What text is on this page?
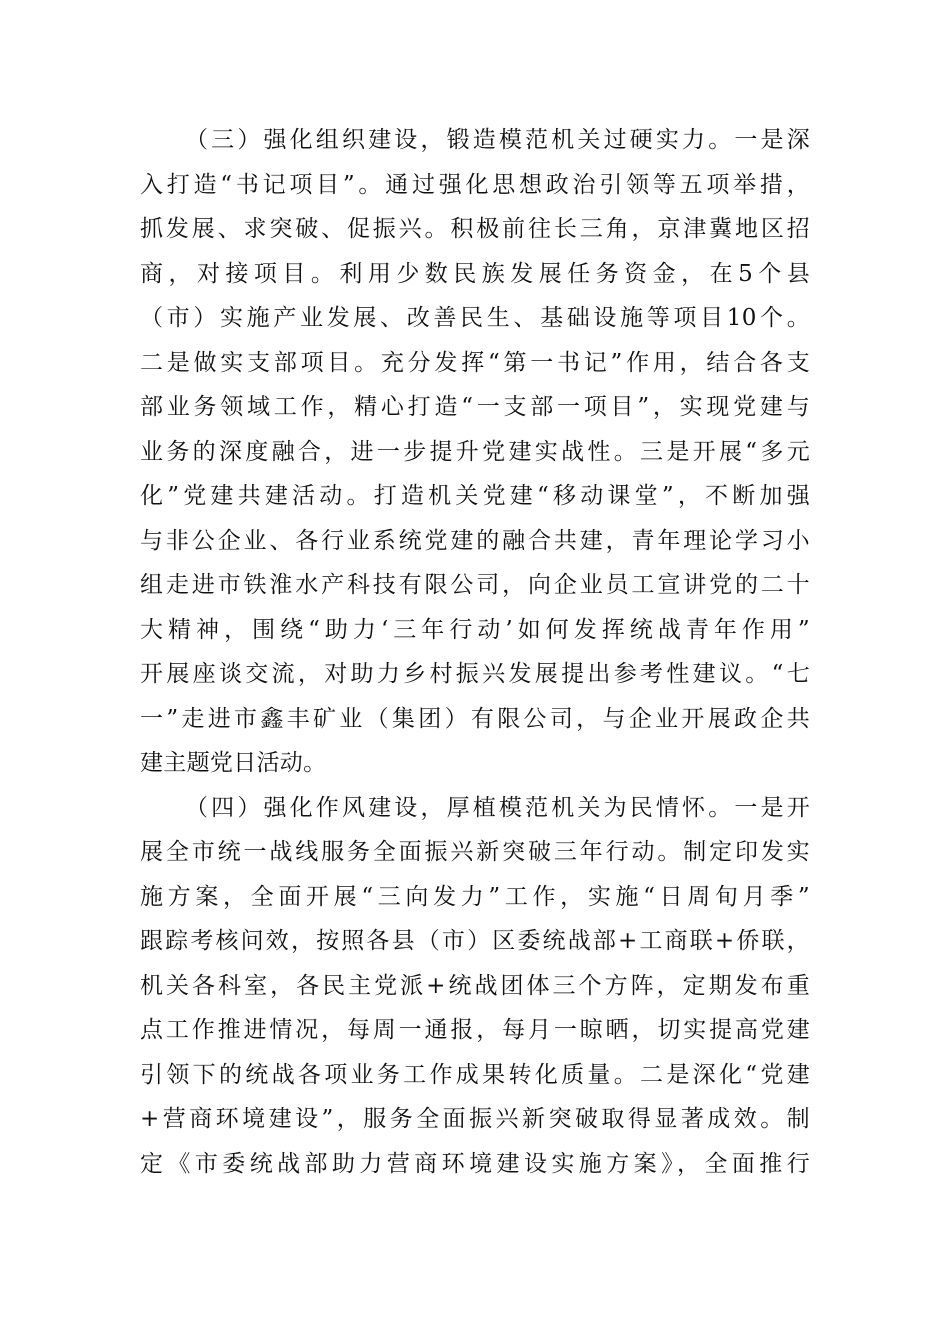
（三）强化组织建设，锻造模范机关过硬实力。一是深
入打造“书记项目”。通过强化思想政治引领等五项举措，
抓发展、求突破、促振兴。积极前往长三角，京津冀地区招
商，对接项目。利用少数民族发展任务资金，在5个县
（市）实施产业发展、改善民生、基础设施等项目10个。
二是做实支部项目。充分发挥“第一书记”作用，结合各支
部业务领域工作，精心打造“一支部一项目”，实现党建与
业务的深度融合，进一步提升党建实战性。三是开展“多元
化”党建共建活动。打造机关党建“移动课堂”，不断加强
与非公企业、各行业系统党建的融合共建，青年理论学习小
组走进市铁淮水产科技有限公司，向企业员工宣讲党的二十
大精神，围绕“助力‘三年行动’如何发挥统战青年作用”
开展座谈交流，对助力乡村振兴发展提出参考性建议。“七
一”走进市鑫丰矿业（集团）有限公司，与企业开展政企共
建主题党日活动。
（四）强化作风建设，厚植模范机关为民情怀。一是开
展全市统一战线服务全面振兴新突破三年行动。制定印发实
施方案，全面开展“三向发力”工作，实施“日周旬月季”
跟踪考核问效，按照各县（市）区委统战部+工商联+侨联，
机关各科室，各民主党派+统战团体三个方阵，定期发布重
点工作推进情况，每周一通报，每月一晾晒，切实提高党建
引领下的统战各项业务工作成果转化质量。二是深化“党建
+营商环境建设”，服务全面振兴新突破取得显著成效。制
定《市委统战部助力营商环境建设实施方案》，全面推行
